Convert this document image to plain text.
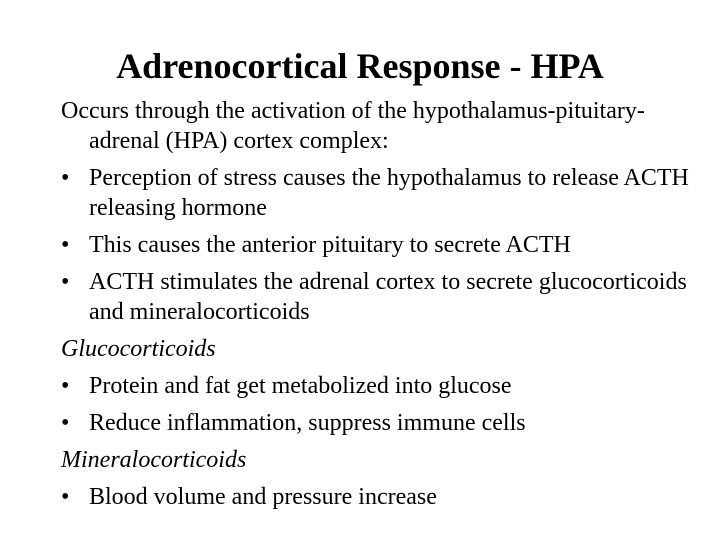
Adrenocortical Response - HPA
Occurs through the activation of the hypothalamus-pituitary-adrenal (HPA) cortex complex:
• Perception of stress causes the hypothalamus to release ACTH releasing hormone
• This causes the anterior pituitary to secrete ACTH
• ACTH stimulates the adrenal cortex to secrete glucocorticoids and mineralocorticoids
Glucocorticoids
• Protein and fat get metabolized into glucose
• Reduce inflammation, suppress immune cells
Mineralocorticoids
• Blood volume and pressure increase
